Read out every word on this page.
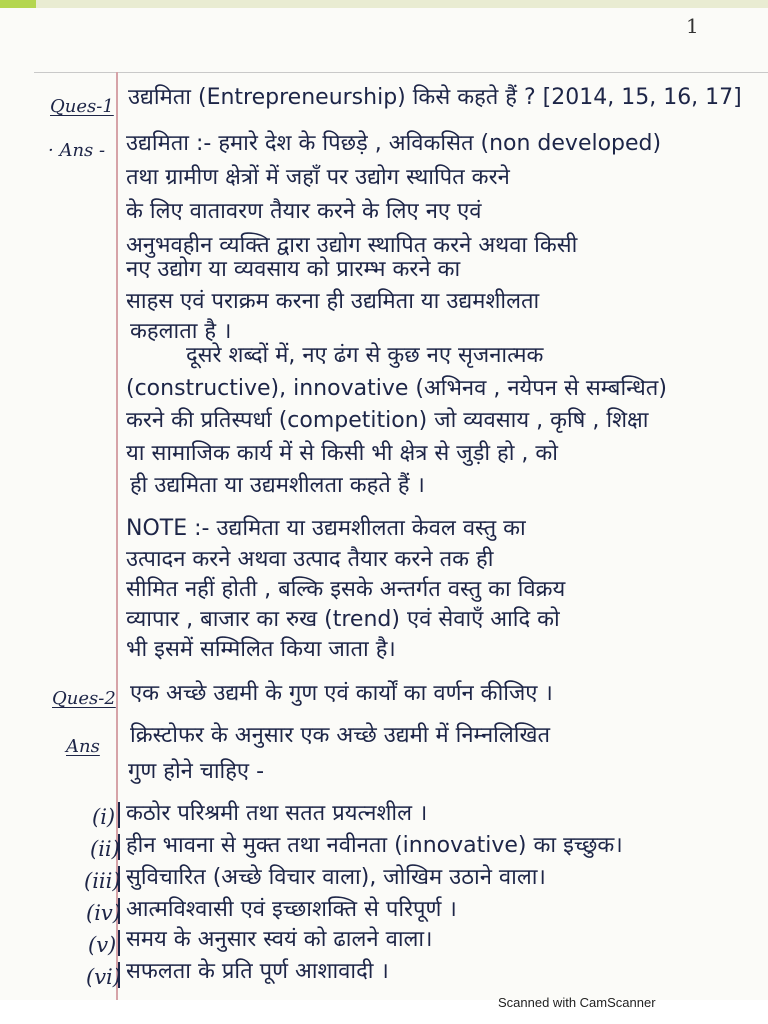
1
Ques-1 उद्यमिता (Entrepreneurship) किसे कहते हैं ? [2014, 15, 16, 17]
· Ans - उद्यमिता :- हमारे देश के पिछड़े , अविकसित (non developed)
तथा ग्रामीण क्षेत्रों में जहाँ पर उद्योग स्थापित करने
के लिए वातावरण तैयार करने के लिए नए एवं
अनुभवहीन व्यक्ति द्वारा उद्योग स्थापित करने अथवा किसी
नए उद्योग या व्यवसाय को प्रारम्भ करने का
साहस एवं पराक्रम करना ही उद्यमिता या उद्यमशीलता
कहलाता है ।
दूसरे शब्दों में, नए ढंग से कुछ नए सृजनात्मक
(constructive), innovative (अभिनव , नयेपन से सम्बन्धित)
करने की प्रतिस्पर्धा (competition) जो व्यवसाय , कृषि , शिक्षा
या सामाजिक कार्य में से किसी भी क्षेत्र से जुड़ी हो , को
ही उद्यमिता या उद्यमशीलता कहते हैं ।
NOTE :- उद्यमिता या उद्यमशीलता केवल वस्तु का
उत्पादन करने अथवा उत्पाद तैयार करने तक ही
सीमित नहीं होती , बल्कि इसके अन्तर्गत वस्तु का विक्रय
व्यापार , बाजार का रुख (trend) एवं सेवाएँ आदि को
भी इसमें सम्मिलित किया जाता है।
Ques-2 एक अच्छे उद्यमी के गुण एवं कार्यों का वर्णन कीजिए ।
Ans क्रिस्टोफर के अनुसार एक अच्छे उद्यमी में निम्नलिखित
गुण होने चाहिए -
(i) कठोर परिश्रमी तथा सतत प्रयत्नशील ।
(ii) हीन भावना से मुक्त तथा नवीनता (innovative) का इच्छुक।
(iii) सुविचारित (अच्छे विचार वाला), जोखिम उठाने वाला।
(iv) आत्मविश्वासी एवं इच्छाशक्ति से परिपूर्ण ।
(v) समय के अनुसार स्वयं को ढालने वाला।
(vi) सफलता के प्रति पूर्ण आशावादी ।
Scanned with CamScanner
